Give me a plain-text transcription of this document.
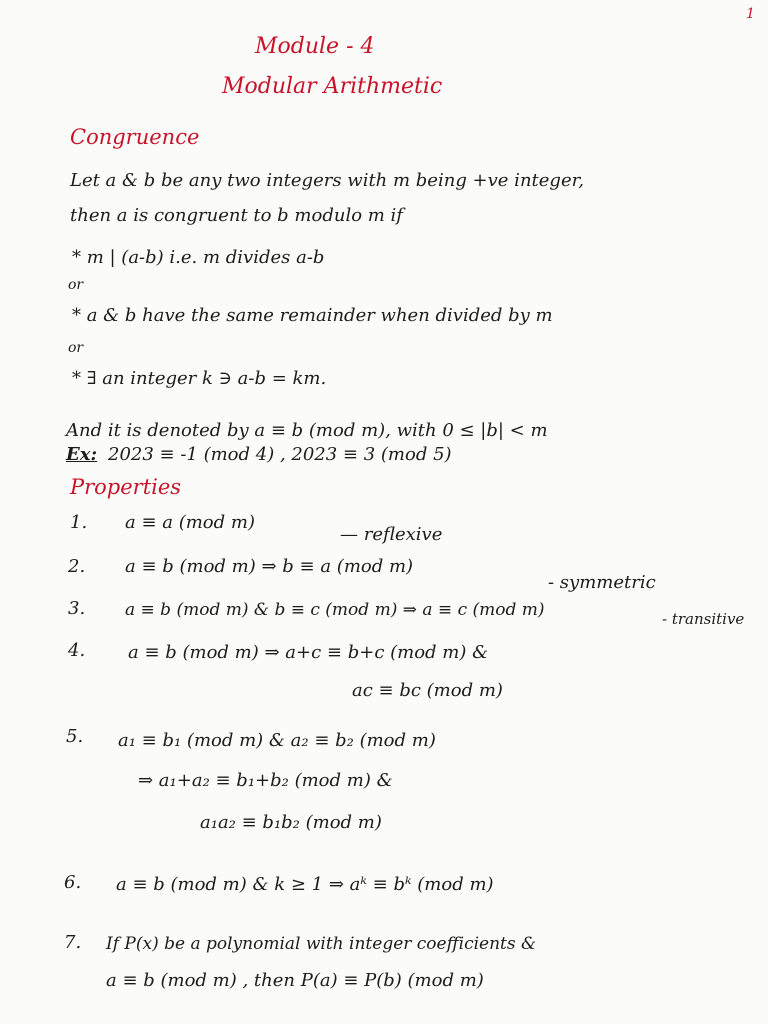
1
Module - 4
Modular Arithmetic
Congruence
Let a & b be any two integers with m being +ve integer,
then a is congruent to b modulo m if
* m | (a-b) i.e. m divides a-b
or
* a & b have the same remainder when divided by m
or
* ∃ an integer k ∋ a-b = km.
And it is denoted by a ≡ b (mod m), with 0 ≤ |b| < m
Ex: 2023 ≡ -1 (mod 4) , 2023 ≡ 3 (mod 5)
Properties
1. a ≡ a (mod m)
— reflexive
2. a ≡ b (mod m) ⇒ b ≡ a (mod m)
- symmetric
3. a ≡ b (mod m) & b ≡ c (mod m) ⇒ a ≡ c (mod m)	- transitive
4. a ≡ b (mod m) ⇒ a+c ≡ b+c (mod m) &
ac ≡ bc (mod m)
5. a₁ ≡ b₁ (mod m) & a₂ ≡ b₂ (mod m)
⇒ a₁+a₂ ≡ b₁+b₂ (mod m) &
a₁a₂ ≡ b₁b₂ (mod m)
6. a ≡ b (mod m) & k ≥ 1 ⇒ aᵏ ≡ bᵏ (mod m)
7. If P(x) be a polynomial with integer coefficients &
a ≡ b (mod m) , then P(a) ≡ P(b) (mod m)
